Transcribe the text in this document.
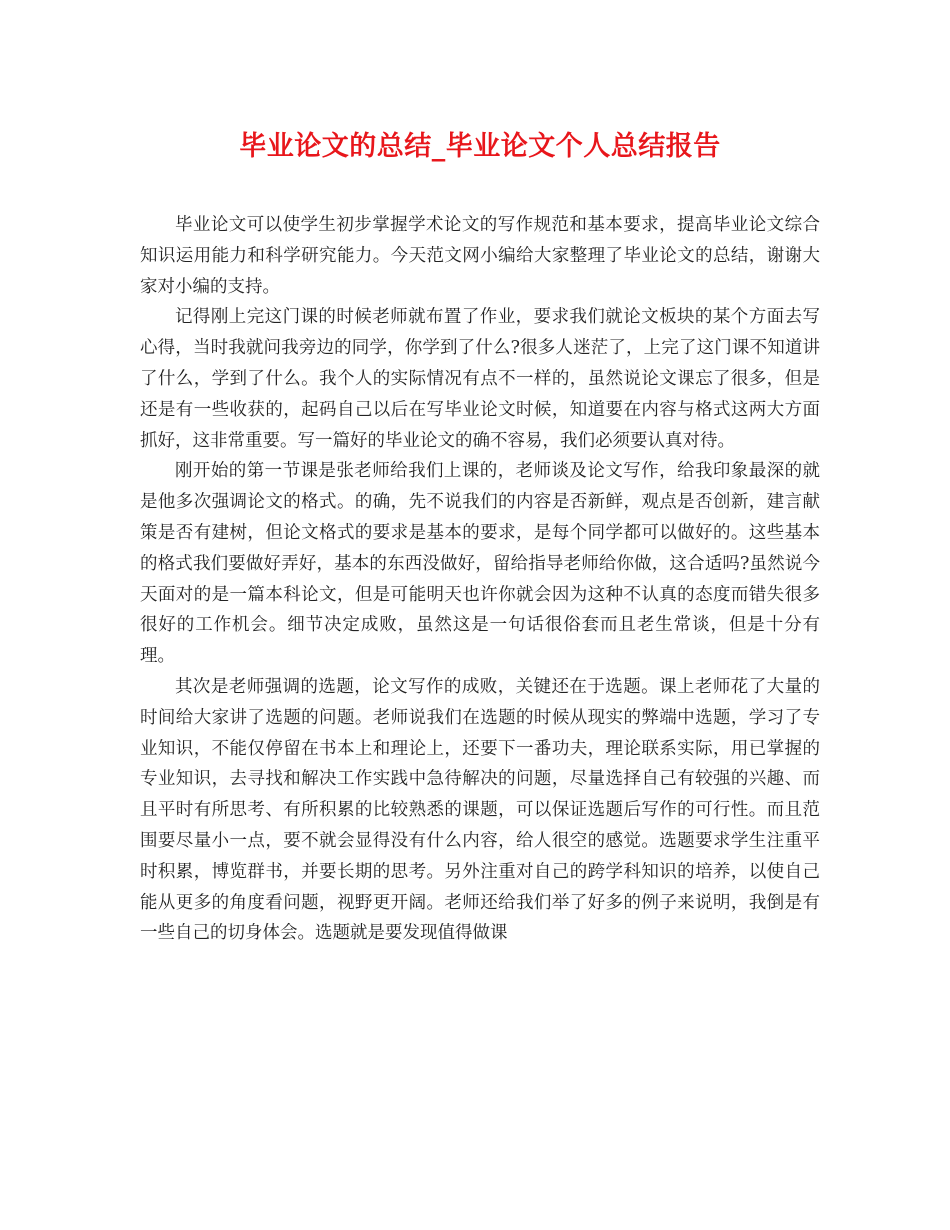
毕业论文的总结_毕业论文个人总结报告

毕业论文可以使学生初步掌握学术论文的写作规范和基本要求，提高毕业论文综合知识运用能力和科学研究能力。今天范文网小编给大家整理了毕业论文的总结，谢谢大家对小编的支持。

记得刚上完这门课的时候老师就布置了作业，要求我们就论文板块的某个方面去写心得，当时我就问我旁边的同学，你学到了什么?很多人迷茫了，上完了这门课不知道讲了什么，学到了什么。我个人的实际情况有点不一样的，虽然说论文课忘了很多，但是还是有一些收获的，起码自己以后在写毕业论文时候，知道要在内容与格式这两大方面抓好，这非常重要。写一篇好的毕业论文的确不容易，我们必须要认真对待。

刚开始的第一节课是张老师给我们上课的，老师谈及论文写作，给我印象最深的就是他多次强调论文的格式。的确，先不说我们的内容是否新鲜，观点是否创新，建言献策是否有建树，但论文格式的要求是基本的要求，是每个同学都可以做好的。这些基本的格式我们要做好弄好，基本的东西没做好，留给指导老师给你做，这合适吗?虽然说今天面对的是一篇本科论文，但是可能明天也许你就会因为这种不认真的态度而错失很多很好的工作机会。细节决定成败，虽然这是一句话很俗套而且老生常谈，但是十分有理。

其次是老师强调的选题，论文写作的成败，关键还在于选题。课上老师花了大量的时间给大家讲了选题的问题。老师说我们在选题的时候从现实的弊端中选题，学习了专业知识，不能仅停留在书本上和理论上，还要下一番功夫，理论联系实际，用已掌握的专业知识，去寻找和解决工作实践中急待解决的问题，尽量选择自己有较强的兴趣、而且平时有所思考、有所积累的比较熟悉的课题，可以保证选题后写作的可行性。而且范围要尽量小一点，要不就会显得没有什么内容，给人很空的感觉。选题要求学生注重平时积累，博览群书，并要长期的思考。另外注重对自己的跨学科知识的培养，以使自己能从更多的角度看问题，视野更开阔。老师还给我们举了好多的例子来说明，我倒是有一些自己的切身体会。选题就是要发现值得做课
